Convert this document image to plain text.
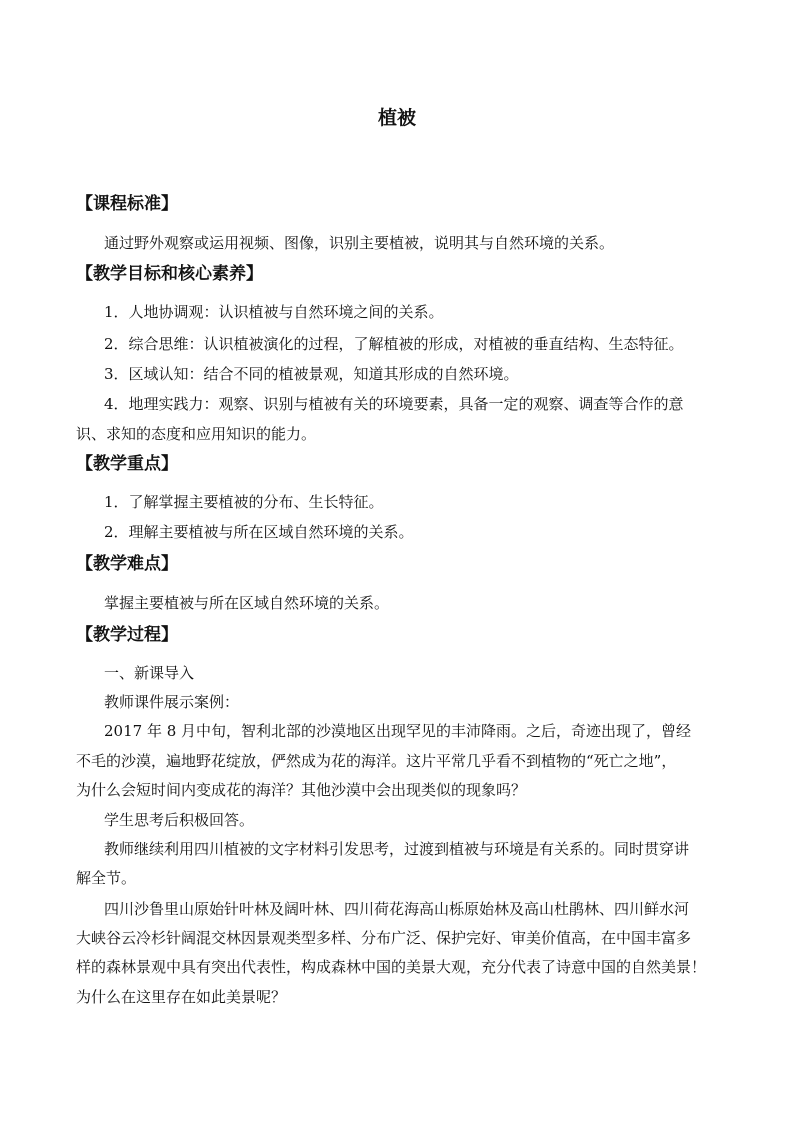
植被
【课程标准】
通过野外观察或运用视频、图像，识别主要植被，说明其与自然环境的关系。
【教学目标和核心素养】
1．人地协调观：认识植被与自然环境之间的关系。
2．综合思维：认识植被演化的过程，了解植被的形成，对植被的垂直结构、生态特征。
3．区域认知：结合不同的植被景观，知道其形成的自然环境。
4．地理实践力：观察、识别与植被有关的环境要素，具备一定的观察、调查等合作的意
识、求知的态度和应用知识的能力。
【教学重点】
1．了解掌握主要植被的分布、生长特征。
2．理解主要植被与所在区域自然环境的关系。
【教学难点】
掌握主要植被与所在区域自然环境的关系。
【教学过程】
一、新课导入
教师课件展示案例：
2017 年 8 月中旬，智利北部的沙漠地区出现罕见的丰沛降雨。之后，奇迹出现了，曾经
不毛的沙漠，遍地野花绽放，俨然成为花的海洋。这片平常几乎看不到植物的“死亡之地”，
为什么会短时间内变成花的海洋？其他沙漠中会出现类似的现象吗？
学生思考后积极回答。
教师继续利用四川植被的文字材料引发思考，过渡到植被与环境是有关系的。同时贯穿讲
解全节。
四川沙鲁里山原始针叶林及阔叶林、四川荷花海高山栎原始林及高山杜鹃林、四川鲜水河
大峡谷云冷杉针阔混交林因景观类型多样、分布广泛、保护完好、审美价值高，在中国丰富多
样的森林景观中具有突出代表性，构成森林中国的美景大观，充分代表了诗意中国的自然美景！
为什么在这里存在如此美景呢？
